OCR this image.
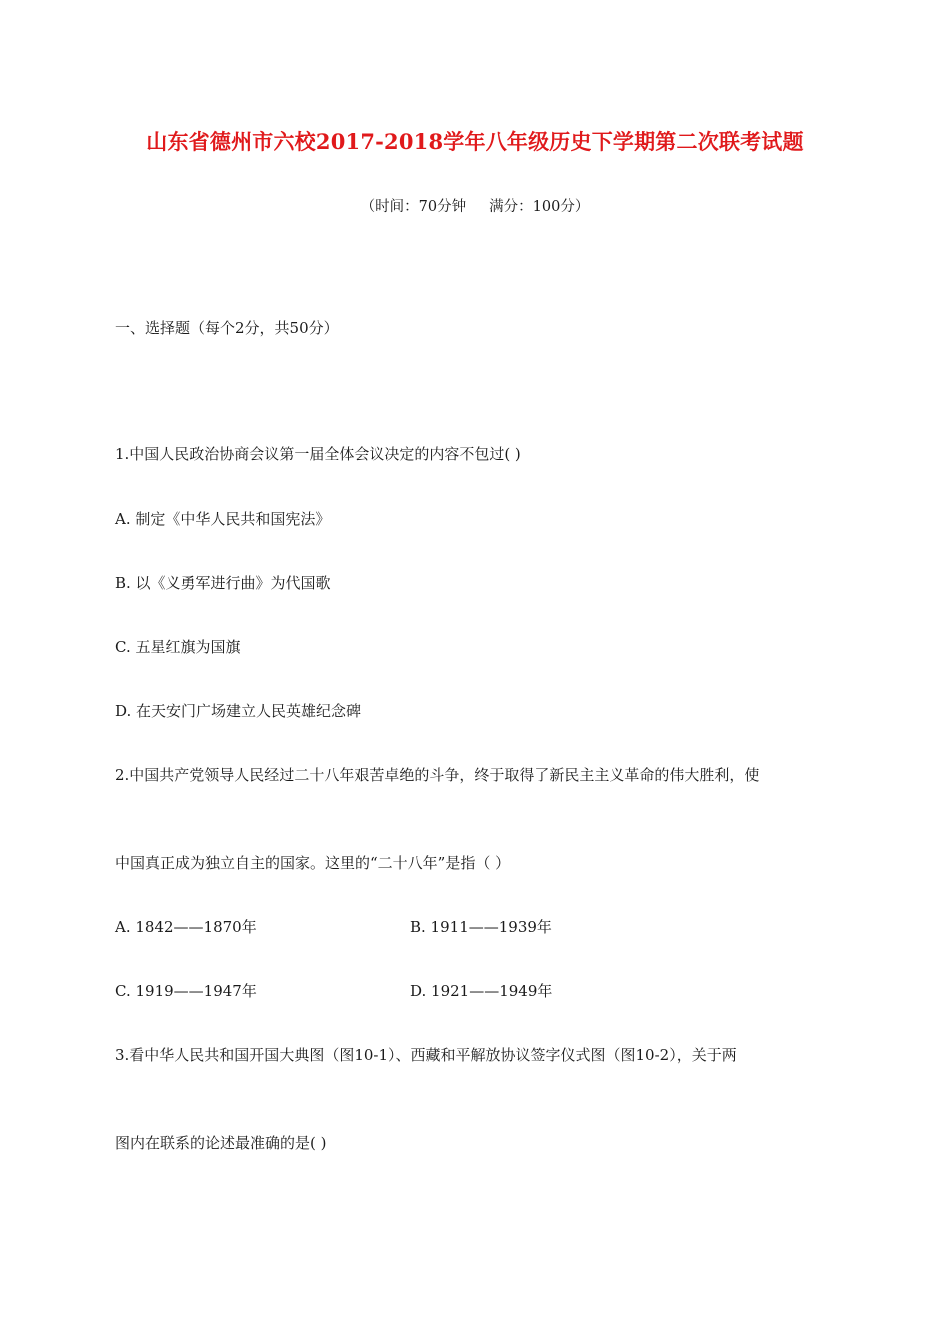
山东省德州市六校2017-2018学年八年级历史下学期第二次联考试题
（时间：70分钟     满分：100分）
一、选择题（每个2分，共50分）
1.中国人民政治协商会议第一届全体会议决定的内容不包过( )
A. 制定《中华人民共和国宪法》
B. 以《义勇军进行曲》为代国歌
C. 五星红旗为国旗
D. 在天安门广场建立人民英雄纪念碑
2.中国共产党领导人民经过二十八年艰苦卓绝的斗争，终于取得了新民主主义革命的伟大胜利，使
中国真正成为独立自主的国家。这里的“二十八年”是指（ ）
A. 1842——1870年	B. 1911——1939年
C. 1919——1947年	D. 1921——1949年
3.看中华人民共和国开国大典图（图10-1）、西藏和平解放协议签字仪式图（图10-2），关于两
图内在联系的论述最准确的是( )
